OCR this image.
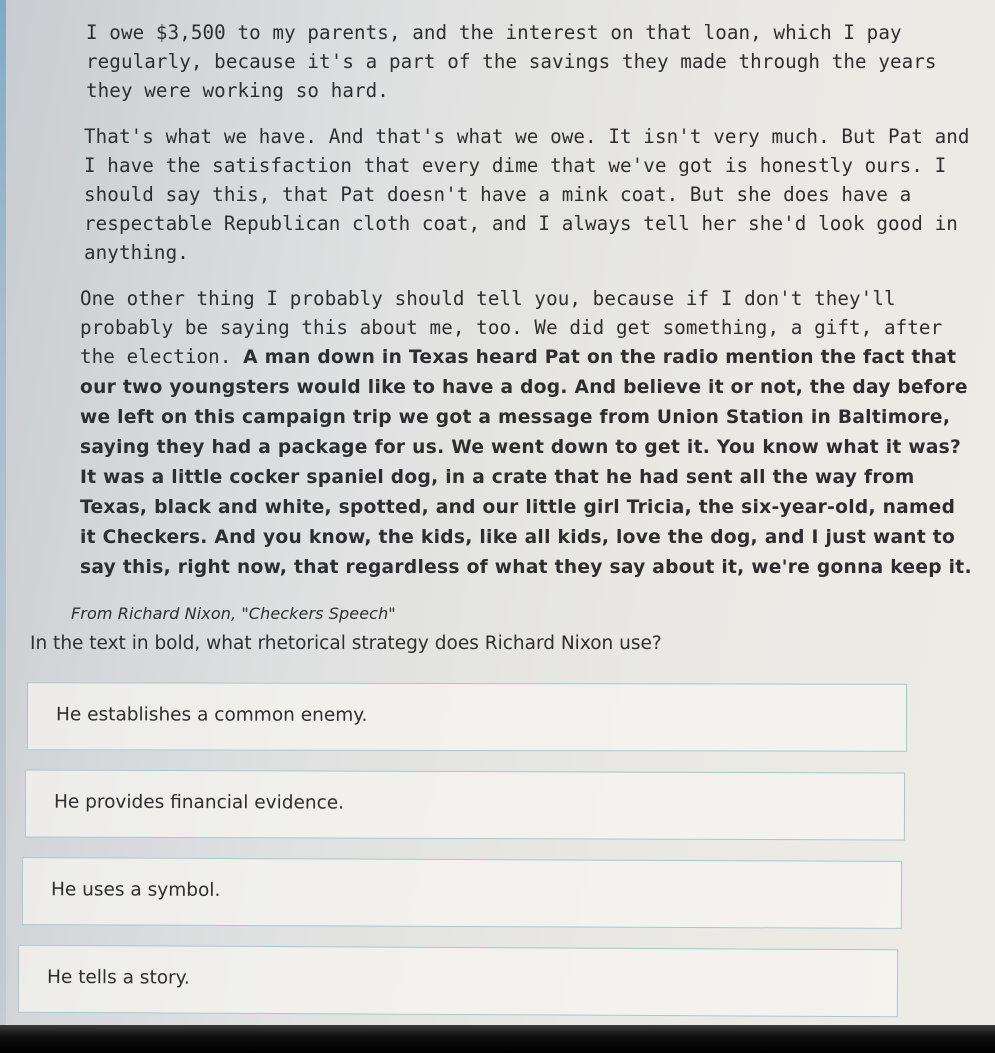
I owe $3,500 to my parents, and the interest on that loan, which I pay regularly, because it's a part of the savings they made through the years they were working so hard.

That's what we have. And that's what we owe. It isn't very much. But Pat and I have the satisfaction that every dime that we've got is honestly ours. I should say this, that Pat doesn't have a mink coat. But she does have a respectable Republican cloth coat, and I always tell her she'd look good in anything.

One other thing I probably should tell you, because if I don't they'll probably be saying this about me, too. We did get something, a gift, after the election. A man down in Texas heard Pat on the radio mention the fact that our two youngsters would like to have a dog. And believe it or not, the day before we left on this campaign trip we got a message from Union Station in Baltimore, saying they had a package for us. We went down to get it. You know what it was? It was a little cocker spaniel dog, in a crate that he had sent all the way from Texas, black and white, spotted, and our little girl Tricia, the six-year-old, named it Checkers. And you know, the kids, like all kids, love the dog, and I just want to say this, right now, that regardless of what they say about it, we're gonna keep it.

From Richard Nixon, "Checkers Speech"

In the text in bold, what rhetorical strategy does Richard Nixon use?
He establishes a common enemy.
He provides financial evidence.
He uses a symbol.
He tells a story.
